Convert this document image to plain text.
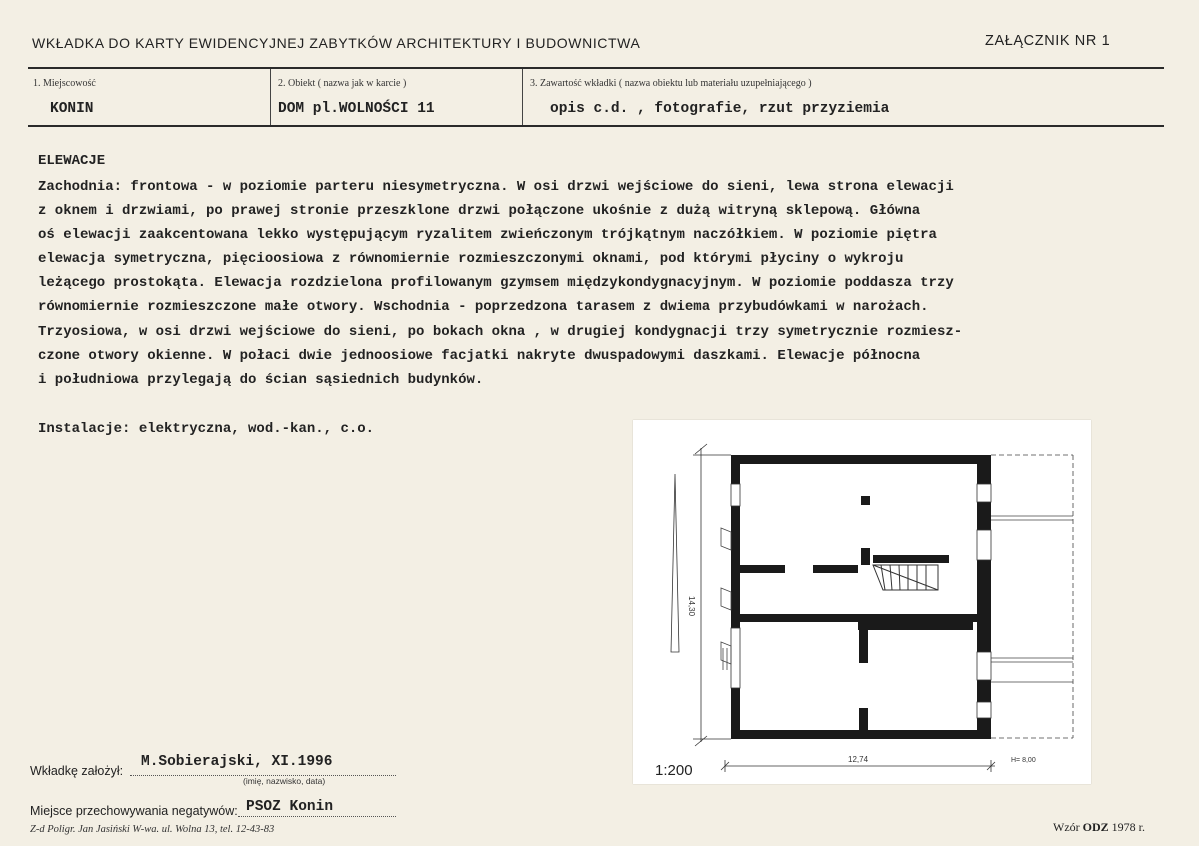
WKŁADKA DO KARTY EWIDENCYJNEJ ZABYTKÓW ARCHITEKTURY I BUDOWNICTWA	ZAŁĄCZNIK NR 1
1. Miejscowość
KONIN
2. Obiekt ( nazwa jak w karcie )
DOM pl.WOLNOŚCI 11
3. Zawartość wkładki ( nazwa obiektu lub materiału uzupełniającego )
opis c.d. , fotografie, rzut przyziemia
ELEWACJE
Zachodnia: frontowa - w poziomie parteru niesymetryczna. W osi drzwi wejściowe do sieni, lewa strona elewacji
z oknem i drzwiami, po prawej stronie przeszklone drzwi połączone ukośnie z dużą witryną sklepową. Główna
oś elewacji zaakcentowana lekko występującym ryzalitem zwieńczonym trójkątnym naczółkiem. W poziomie piętra
elewacja symetryczna, pięcioosiowa z równomiernie rozmieszczonymi oknami, pod którymi płyciny o wykroju
leżącego prostokąta. Elewacja rozdzielona profilowanym gzymsem międzykondygnacyjnym. W poziomie poddasza trzy
równomiernie rozmieszczone małe otwory. Wschodnia - poprzedzona tarasem z dwiema przybudówkami w narożach.
Trzyosiowa, w osi drzwi wejściowe do sieni, po bokach okna , w drugiej kondygnacji trzy symetrycznie rozmiesz-
czone otwory okienne. W połaci dwie jednoosiowe facjatki nakryte dwuspadowymi daszkami. Elewacje północna
i południowa przylegają do ścian sąsiednich budynków.
Instalacje: elektryczna, wod.-kan., c.o.
14,30
12,74	H= 8,00
1:200
Wkładkę założył:
M.Sobierajski, XI.1996
(imię, nazwisko, data)
Miejsce przechowywania negatywów: PSOZ Konin
Z-d Poligr. Jan Jasiński W-wa. ul. Wolna 13, tel. 12-43-83	Wzór ODZ 1978 r.
